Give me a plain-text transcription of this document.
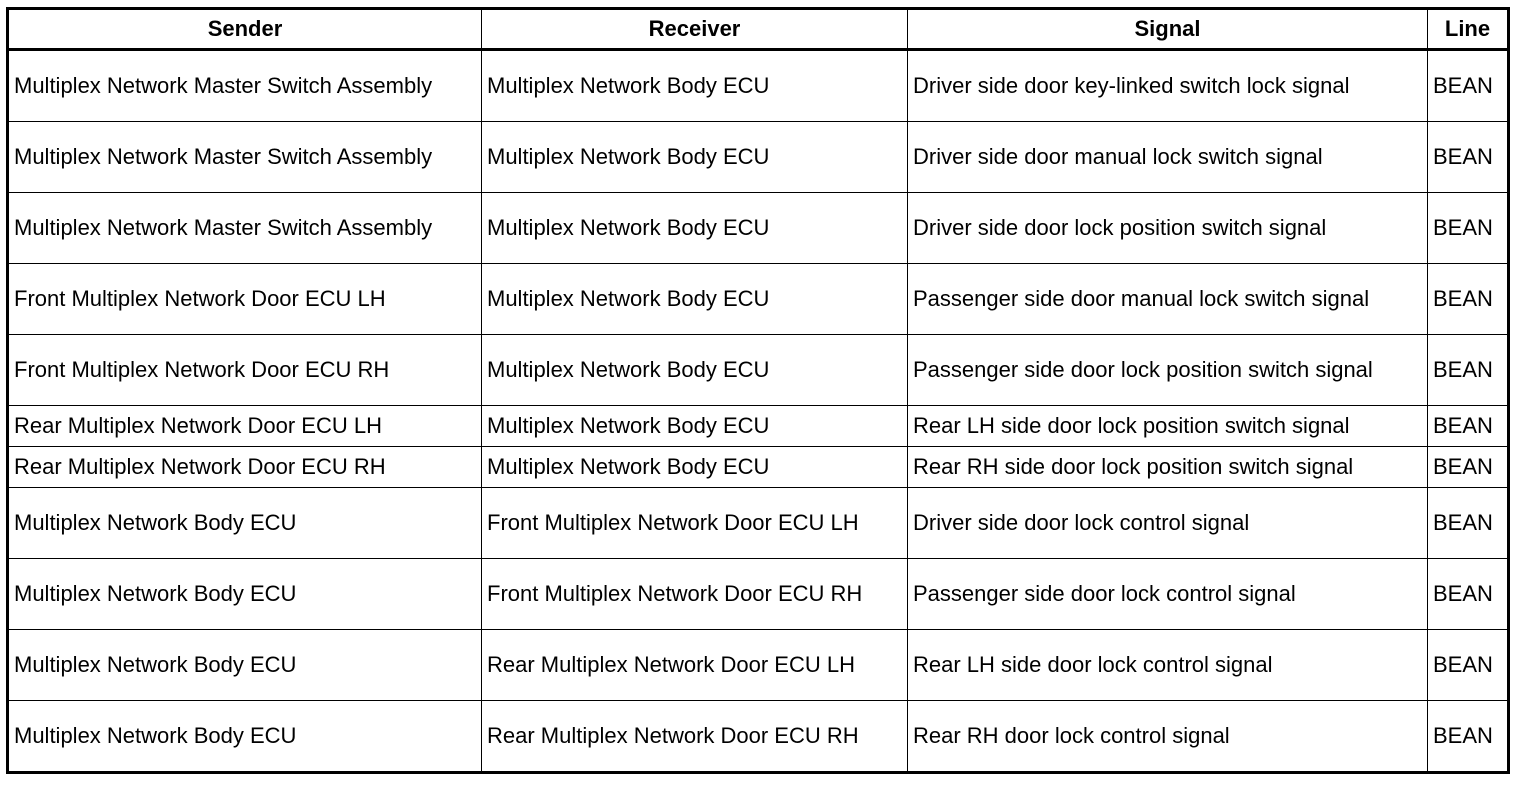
Sender	Receiver	Signal	Line
Multiplex Network Master Switch Assembly	Multiplex Network Body ECU	Driver side door key-linked switch lock signal	BEAN
Multiplex Network Master Switch Assembly	Multiplex Network Body ECU	Driver side door manual lock switch signal	BEAN
Multiplex Network Master Switch Assembly	Multiplex Network Body ECU	Driver side door lock position switch signal	BEAN
Front Multiplex Network Door ECU LH	Multiplex Network Body ECU	Passenger side door manual lock switch signal	BEAN
Front Multiplex Network Door ECU RH	Multiplex Network Body ECU	Passenger side door lock position switch signal	BEAN
Rear Multiplex Network Door ECU LH	Multiplex Network Body ECU	Rear LH side door lock position switch signal	BEAN
Rear Multiplex Network Door ECU RH	Multiplex Network Body ECU	Rear RH side door lock position switch signal	BEAN
Multiplex Network Body ECU	Front Multiplex Network Door ECU LH	Driver side door lock control signal	BEAN
Multiplex Network Body ECU	Front Multiplex Network Door ECU RH	Passenger side door lock control signal	BEAN
Multiplex Network Body ECU	Rear Multiplex Network Door ECU LH	Rear LH side door lock control signal	BEAN
Multiplex Network Body ECU	Rear Multiplex Network Door ECU RH	Rear RH door lock control signal	BEAN
